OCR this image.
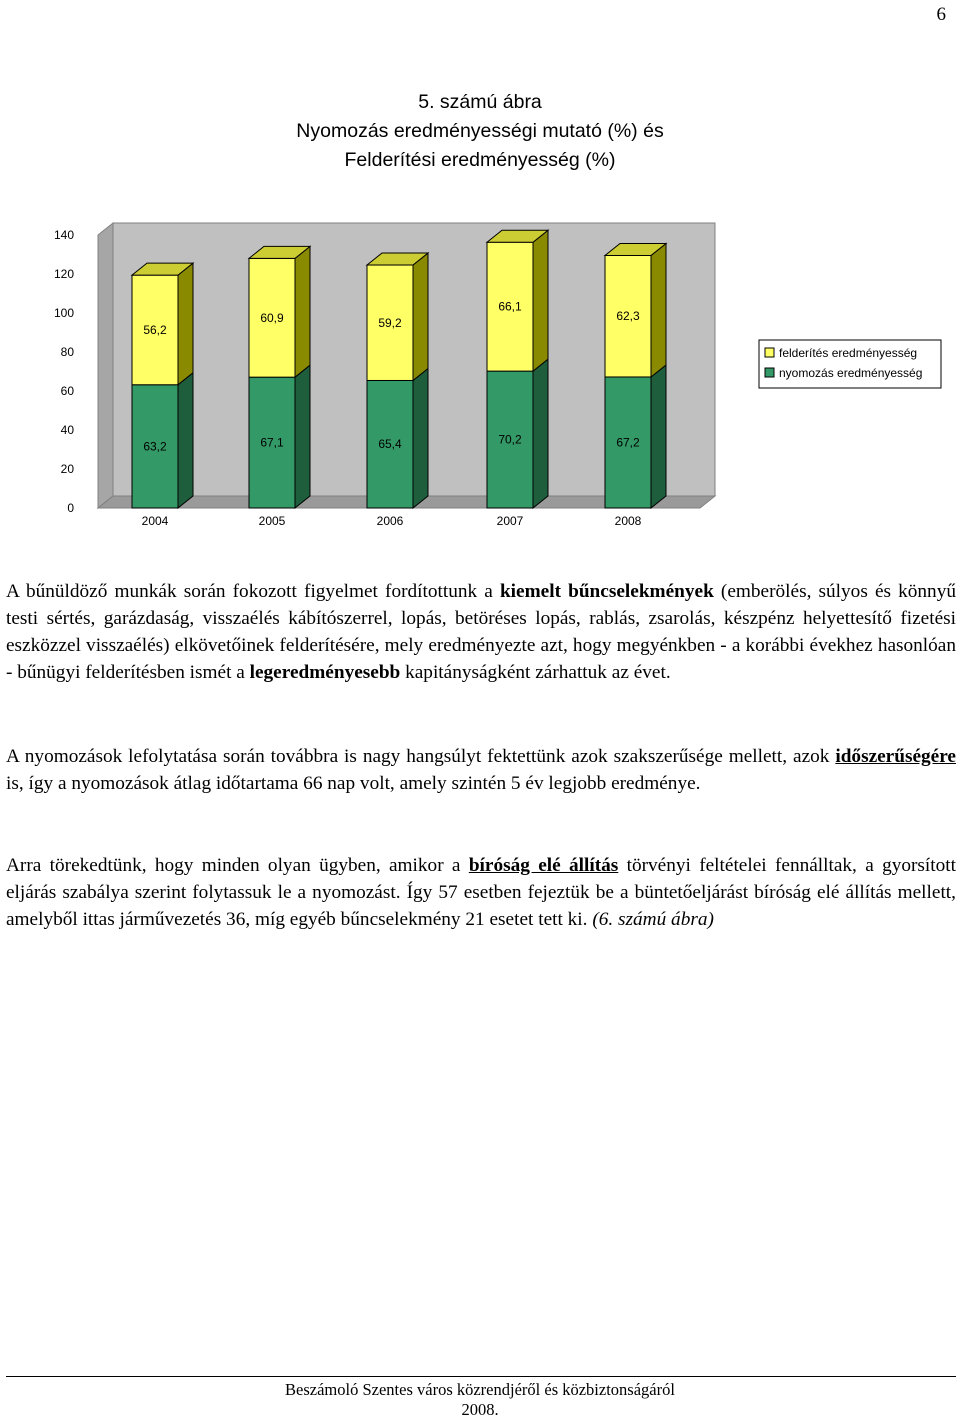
6
5. számú ábra
Nyomozás eredményességi mutató (%) és
Felderítési eredményesség (%)
0
20
40
60
80
100
120
140
63,2
56,2
2004
67,1
60,9
2005
65,4
59,2
2006
70,2
66,1
2007
67,2
62,3
2008
felderítés eredményesség
nyomozás eredményesség

A bűnüldöző munkák során fokozott figyelmet fordítottunk a kiemelt bűncselekmények (emberölés, súlyos és könnyű testi sértés, garázdaság, visszaélés kábítószerrel, lopás, betöréses lopás, rablás, zsarolás, készpénz helyettesítő fizetési eszközzel visszaélés) elkövetőinek felderítésére, mely eredményezte azt, hogy megyénkben - a korábbi évekhez hasonlóan - bűnügyi felderítésben ismét a legeredményesebb kapitányságként zárhattuk az évet.

A nyomozások lefolytatása során továbbra is nagy hangsúlyt fektettünk azok szakszerűsége mellett, azok időszerűségére is, így a nyomozások átlag időtartama 66 nap volt, amely szintén 5 év legjobb eredménye.

Arra törekedtünk, hogy minden olyan ügyben, amikor a bíróság elé állítás törvényi feltételei fennálltak, a gyorsított eljárás szabálya szerint folytassuk le a nyomozást. Így 57 esetben fejeztük be a büntetőeljárást bíróság elé állítás mellett, amelyből ittas járművezetés 36, míg egyéb bűncselekmény 21 esetet tett ki. (6. számú ábra)

Beszámoló Szentes város közrendjéről és közbiztonságáról
2008.
